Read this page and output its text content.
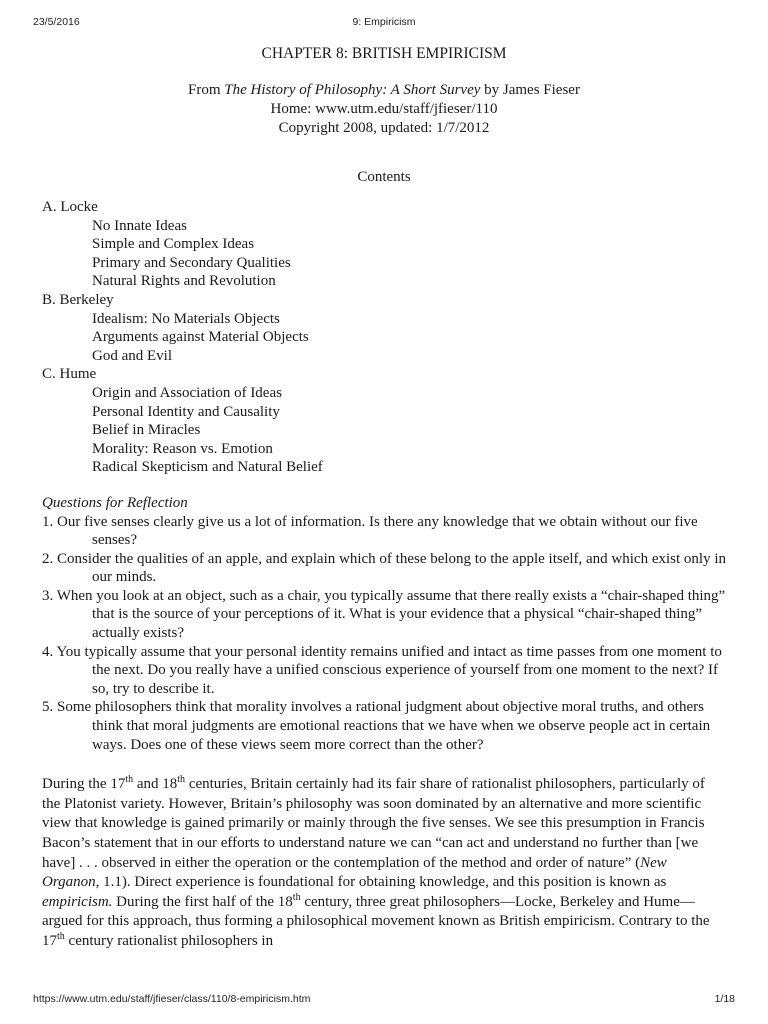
23/5/2016	9: Empiricism
CHAPTER 8: BRITISH EMPIRICISM
From The History of Philosophy: A Short Survey by James Fieser
Home: www.utm.edu/staff/jfieser/110
Copyright 2008, updated: 1/7/2012
Contents
A. Locke
No Innate Ideas
Simple and Complex Ideas
Primary and Secondary Qualities
Natural Rights and Revolution
B. Berkeley
Idealism: No Materials Objects
Arguments against Material Objects
God and Evil
C. Hume
Origin and Association of Ideas
Personal Identity and Causality
Belief in Miracles
Morality: Reason vs. Emotion
Radical Skepticism and Natural Belief
Questions for Reflection
1. Our five senses clearly give us a lot of information. Is there any knowledge that we obtain without our five senses?
2. Consider the qualities of an apple, and explain which of these belong to the apple itself, and which exist only in our minds.
3. When you look at an object, such as a chair, you typically assume that there really exists a “chair-shaped thing” that is the source of your perceptions of it. What is your evidence that a physical “chair-shaped thing” actually exists?
4. You typically assume that your personal identity remains unified and intact as time passes from one moment to the next. Do you really have a unified conscious experience of yourself from one moment to the next? If so, try to describe it.
5. Some philosophers think that morality involves a rational judgment about objective moral truths, and others think that moral judgments are emotional reactions that we have when we observe people act in certain ways. Does one of these views seem more correct than the other?
During the 17th and 18th centuries, Britain certainly had its fair share of rationalist philosophers, particularly of the Platonist variety. However, Britain’s philosophy was soon dominated by an alternative and more scientific view that knowledge is gained primarily or mainly through the five senses. We see this presumption in Francis Bacon’s statement that in our efforts to understand nature we can “can act and understand no further than [we have] . . . observed in either the operation or the contemplation of the method and order of nature” (New Organon, 1.1). Direct experience is foundational for obtaining knowledge, and this position is known as empiricism. During the first half of the 18th century, three great philosophers—Locke, Berkeley and Hume—argued for this approach, thus forming a philosophical movement known as British empiricism. Contrary to the 17th century rationalist philosophers in
https://www.utm.edu/staff/jfieser/class/110/8-empiricism.htm	1/18
